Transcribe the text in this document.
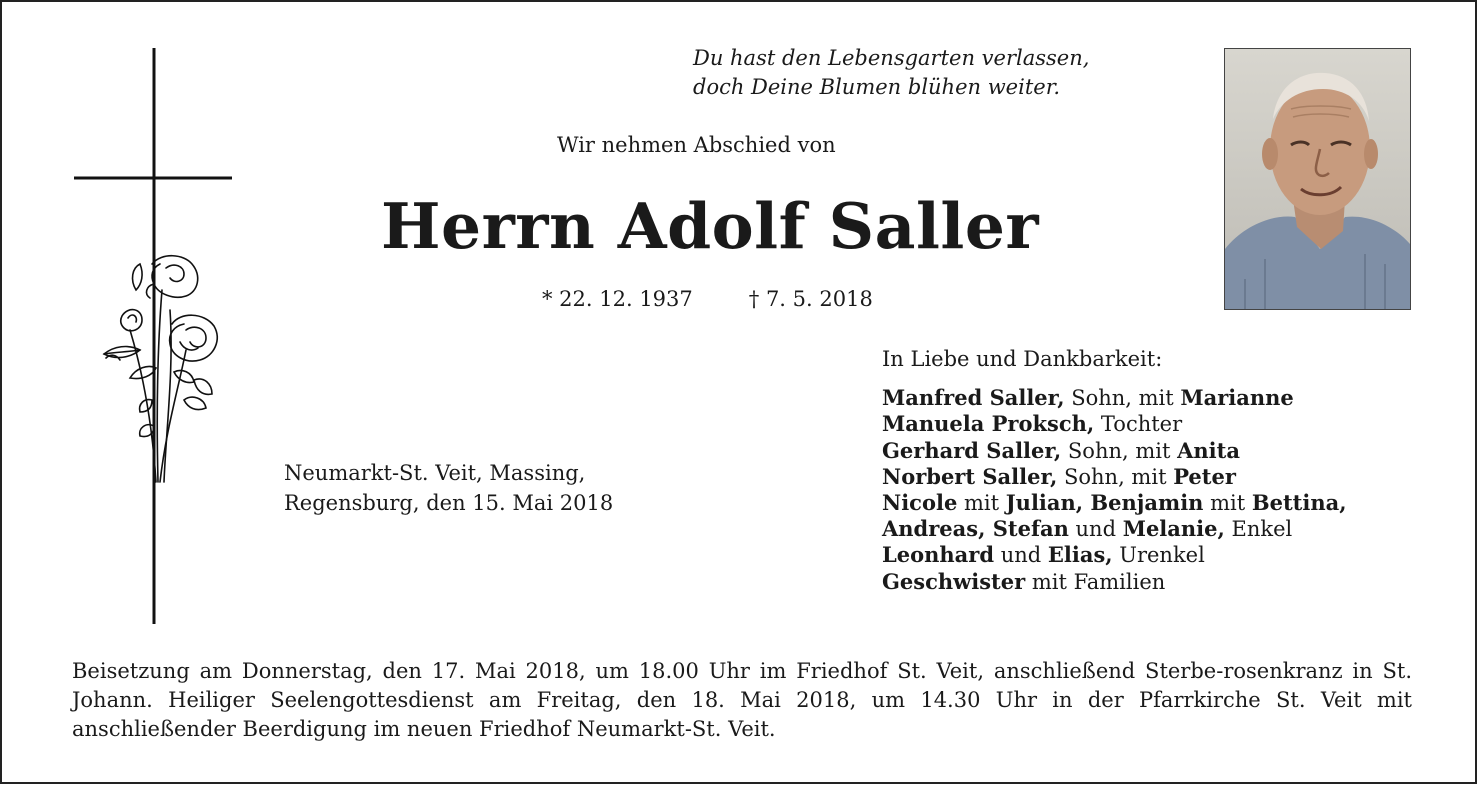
Du hast den Lebensgarten verlassen,
doch Deine Blumen blühen weiter.
Wir nehmen Abschied von
Herrn Adolf Saller
* 22. 12. 1937	† 7. 5. 2018
Neumarkt-St. Veit, Massing,
Regensburg, den 15. Mai 2018
In Liebe und Dankbarkeit:
Manfred Saller, Sohn, mit Marianne
Manuela Proksch, Tochter
Gerhard Saller, Sohn, mit Anita
Norbert Saller, Sohn, mit Peter
Nicole mit Julian, Benjamin mit Bettina,
Andreas, Stefan und Melanie, Enkel
Leonhard und Elias, Urenkel
Geschwister mit Familien
Beisetzung am Donnerstag, den 17. Mai 2018, um 18.00 Uhr im Friedhof St. Veit, anschließend Sterbe-rosenkranz in St. Johann. Heiliger Seelengottesdienst am Freitag, den 18. Mai 2018, um 14.30 Uhr in der Pfarrkirche St. Veit mit anschließender Beerdigung im neuen Friedhof Neumarkt-St. Veit.
